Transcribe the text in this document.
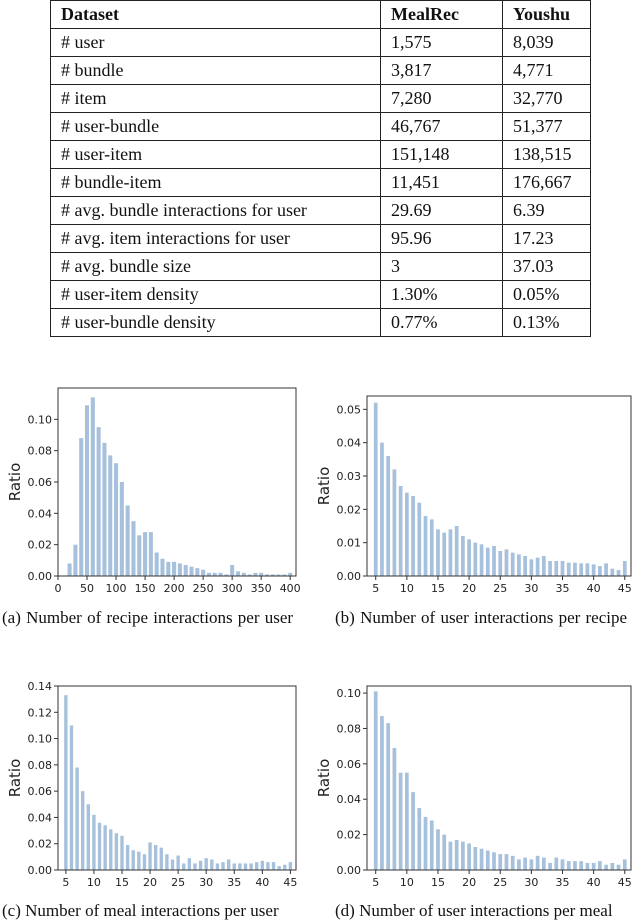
Dataset	MealRec	Youshu
# user	1,575	8,039
# bundle	3,817	4,771
# item	7,280	32,770
# user-bundle	46,767	51,377
# user-item	151,148	138,515
# bundle-item	11,451	176,667
# avg. bundle interactions for user	29.69	6.39
# avg. item interactions for user	95.96	17.23
# avg. bundle size	3	37.03
# user-item density	1.30%	0.05%
# user-bundle density	0.77%	0.13%
0 50 100 150 200 250 300 350 400
0.00
0.02
0.04
0.06
0.08
0.10
Ratio
5 10 15 20 25 30 35 40 45
0.00
0.01
0.02
0.03
0.04
0.05
Ratio
5 10 15 20 25 30 35 40 45
0.00
0.02
0.04
0.06
0.08
0.10
0.12
0.14
Ratio
5 10 15 20 25 30 35 40 45
0.00
0.02
0.04
0.06
0.08
0.10
Ratio
(a) Number of recipe interactions per user	(b) Number of user interactions per recipe
(c) Number of meal interactions per user	(d) Number of user interactions per meal
